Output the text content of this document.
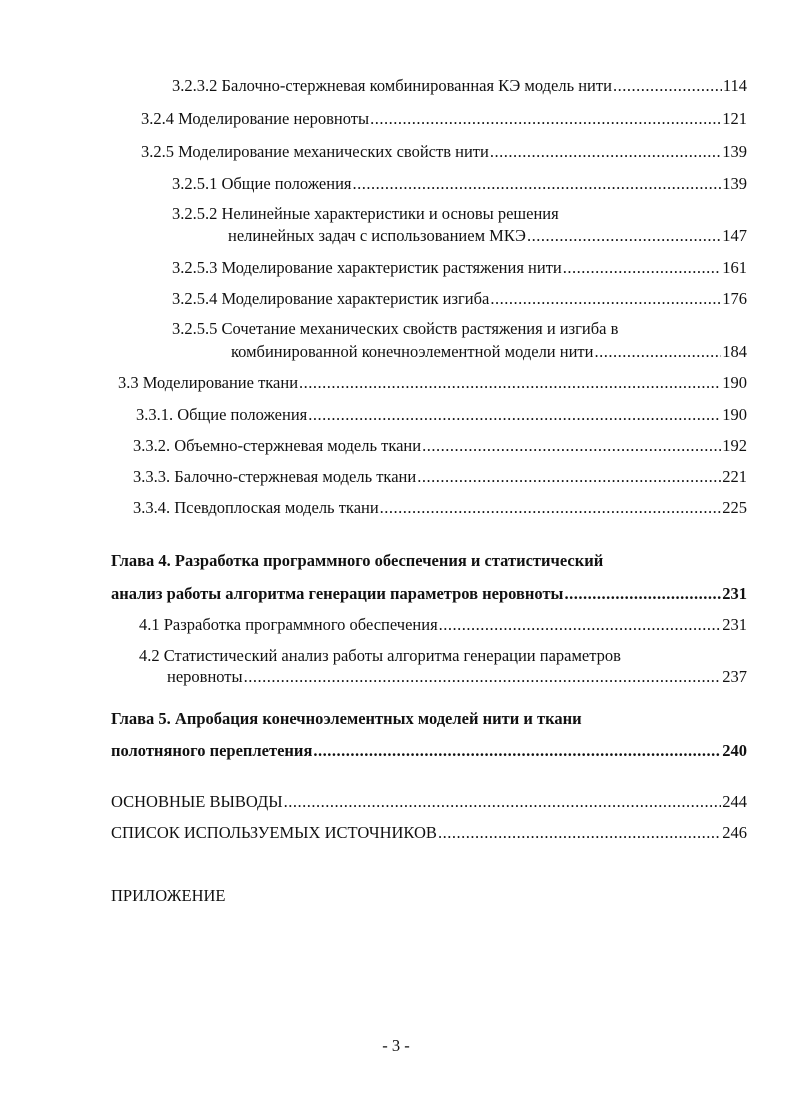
3.2.3.2 Балочно-стержневая комбинированная КЭ модель нити .....	114
3.2.4 Моделирование неровноты .....	121
3.2.5 Моделирование механических свойств нити .....	139
3.2.5.1 Общие положения .....	139
3.2.5.2 Нелинейные характеристики и основы решения
нелинейных задач с использованием МКЭ .....	147
3.2.5.3 Моделирование характеристик растяжения нити .....	161
3.2.5.4 Моделирование характеристик изгиба .....	176
3.2.5.5 Сочетание механических свойств растяжения и изгиба в
комбинированной конечноэлементной модели нити .....	184
3.3 Моделирование ткани .....	190
3.3.1. Общие положения .....	190
3.3.2. Объемно-стержневая модель ткани .....	192
3.3.3. Балочно-стержневая модель ткани .....	221
3.3.4. Псевдоплоская модель ткани .....	225
Глава 4. Разработка программного обеспечения и статистический
анализ работы алгоритма генерации параметров неровноты .....	231
4.1 Разработка программного обеспечения .....	231
4.2 Статистический анализ работы алгоритма генерации параметров
неровноты .....	237
Глава 5. Апробация конечноэлементных моделей нити и ткани
полотняного переплетения .....	240
ОСНОВНЫЕ ВЫВОДЫ .....	244
СПИСОК ИСПОЛЬЗУЕМЫХ ИСТОЧНИКОВ .....	246
ПРИЛОЖЕНИЕ
- 3 -
